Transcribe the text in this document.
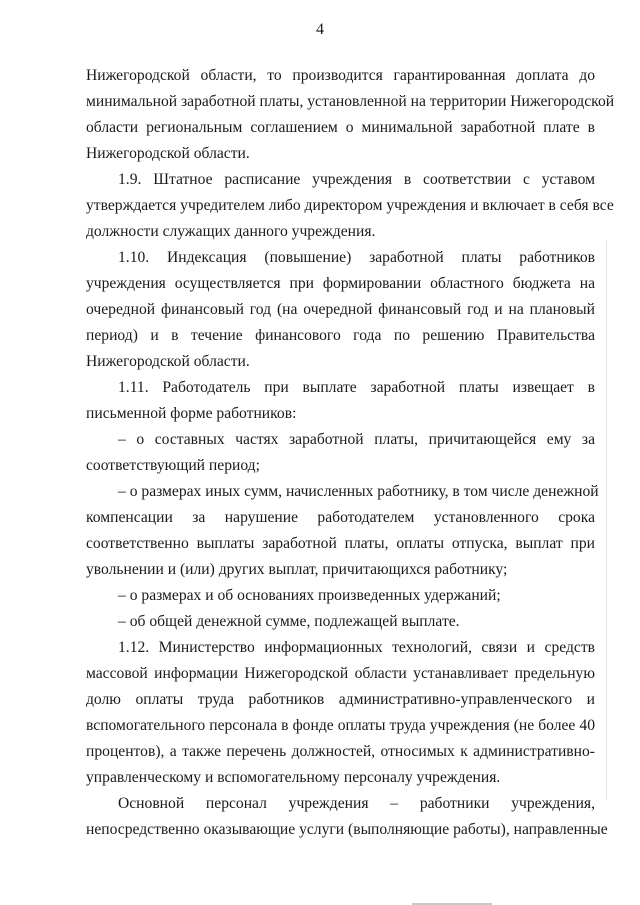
4
Нижегородской области, то производится гарантированная доплата до
минимальной заработной платы, установленной на территории Нижегородской
области региональным соглашением о минимальной заработной плате в
Нижегородской области.
1.9. Штатное расписание учреждения в соответствии с уставом
утверждается учредителем либо директором учреждения и включает в себя все
должности служащих данного учреждения.
1.10. Индексация (повышение) заработной платы работников
учреждения осуществляется при формировании областного бюджета на
очередной финансовый год (на очередной финансовый год и на плановый
период) и в течение финансового года по решению Правительства
Нижегородской области.
1.11. Работодатель при выплате заработной платы извещает в
письменной форме работников:
– о составных частях заработной платы, причитающейся ему за
соответствующий период;
– о размерах иных сумм, начисленных работнику, в том числе денежной
компенсации за нарушение работодателем установленного срока
соответственно выплаты заработной платы, оплаты отпуска, выплат при
увольнении и (или) других выплат, причитающихся работнику;
– о размерах и об основаниях произведенных удержаний;
– об общей денежной сумме, подлежащей выплате.
1.12. Министерство информационных технологий, связи и средств
массовой информации Нижегородской области устанавливает предельную
долю оплаты труда работников административно-управленческого и
вспомогательного персонала в фонде оплаты труда учреждения (не более 40
процентов), а также перечень должностей, относимых к административно-
управленческому и вспомогательному персоналу учреждения.
Основной персонал учреждения – работники учреждения,
непосредственно оказывающие услуги (выполняющие работы), направленные
